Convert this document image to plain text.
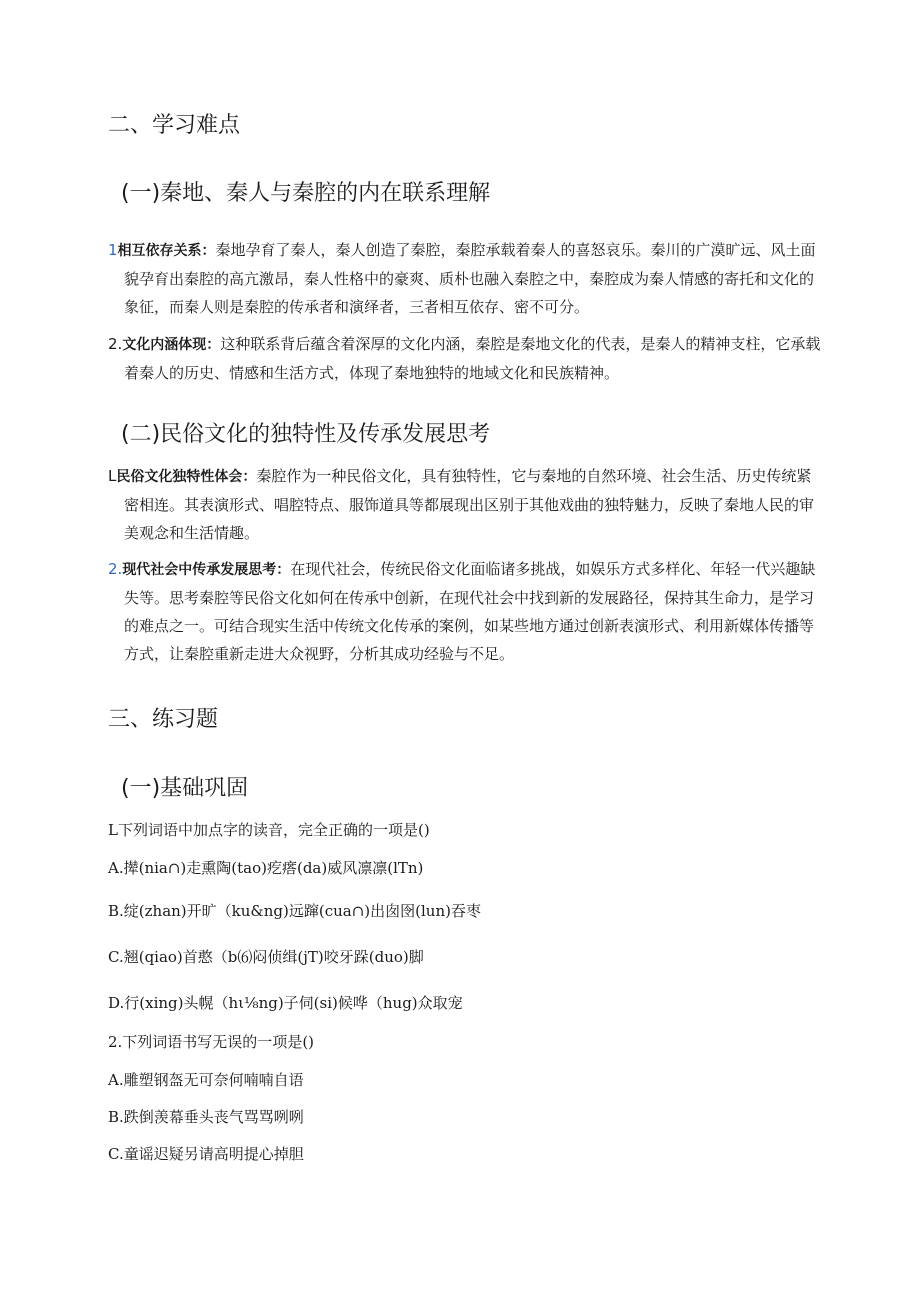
二、学习难点
(一)秦地、秦人与秦腔的内在联系理解

1相互依存关系：秦地孕育了秦人，秦人创造了秦腔，秦腔承载着秦人的喜怒哀乐。秦川的广漠旷远、风土面貌孕育出秦腔的高亢激昂，秦人性格中的豪爽、质朴也融入秦腔之中，秦腔成为秦人情感的寄托和文化的象征，而秦人则是秦腔的传承者和演绎者，三者相互依存、密不可分。

2.文化内涵体现：这种联系背后蕴含着深厚的文化内涵，秦腔是秦地文化的代表，是秦人的精神支柱，它承载着秦人的历史、情感和生活方式，体现了秦地独特的地域文化和民族精神。

(二)民俗文化的独特性及传承发展思考

L民俗文化独特性体会：秦腔作为一种民俗文化，具有独特性，它与秦地的自然环境、社会生活、历史传统紧密相连。其表演形式、唱腔特点、服饰道具等都展现出区别于其他戏曲的独特魅力，反映了秦地人民的审美观念和生活情趣。

2.现代社会中传承发展思考：在现代社会，传统民俗文化面临诸多挑战，如娱乐方式多样化、年轻一代兴趣缺失等。思考秦腔等民俗文化如何在传承中创新，在现代社会中找到新的发展路径，保持其生命力，是学习的难点之一。可结合现实生活中传统文化传承的案例，如某些地方通过创新表演形式、利用新媒体传播等方式，让秦腔重新走进大众视野，分析其成功经验与不足。

三、练习题
(一)基础巩固

L下列词语中加点字的读音，完全正确的一项是()

A.撵(nia∩)走熏陶(tao)疙瘩(da)威风凛凛(lTn)

B.绽(zhan)开旷（ku&ng)远蹿(cua∩)出囱囹(lun)吞枣

C.翘(qiao)首憨（b⑹闷侦缉(jT)咬牙跺(duo)脚

D.行(xing)头幌（hι⅛ng)子伺(si)候哗（hug)众取宠

2.下列词语书写无误的一项是()

A.雕塑钢盔无可奈何喃喃自语

B.跌倒羡幕垂头丧气骂骂咧咧

C.童谣迟疑另请高明提心掉胆
